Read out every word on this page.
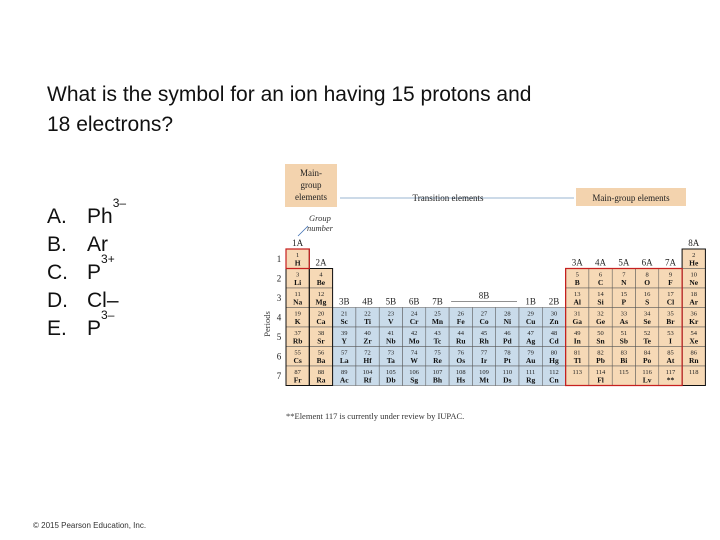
What is the symbol for an ion having 15 protons and
18 electrons?
A. Ph
3–
B. Ar
C. P
3+
D. Cl–
E. P
3–
Main-
group
elements	Transition elements	Main-group elements
Group
number
Periods
1
H
2
He
3
Li
4
Be
5
B
6
C
7
N
8
O
9
F
10
Ne
11
Na
12
Mg
13
Al
14
Si
15
P
16
S
17
Cl
18
Ar
19
K
20
Ca
21
Sc
22
Ti
23
V
24
Cr
25
Mn
26
Fe
27
Co
28
Ni
29
Cu
30
Zn
31
Ga
32
Ge
33
As
34
Se
35
Br
36
Kr
37
Rb
38
Sr
39
Y
40
Zr
41
Nb
42
Mo
43
Tc
44
Ru
45
Rh
46
Pd
47
Ag
48
Cd
49
In
50
Sn
51
Sb
52
Te
53
I
54
Xe
55
Cs
56
Ba
57
La
72
Hf
73
Ta
74
W
75
Re
76
Os
77
Ir
78
Pt
79
Au
80
Hg
81
Tl
82
Pb
83
Bi
84
Po
85
At
86
Rn
87
Fr
88
Ra
89
Ac
104
Rf
105
Db
106
Sg
107
Bh
108
Hs
109
Mt
110
Ds
111
Rg
112
Cn
113 114
Fl
115 116
Lv
117
**
118
1A
2A
3B 4B 5B 6B 7B
8B
1B 2B
3A 4A 5A 6A 7A
8A
1
2
3
4
5
6
7
**Element 117 is currently under review by IUPAC.
© 2015 Pearson Education, Inc.
